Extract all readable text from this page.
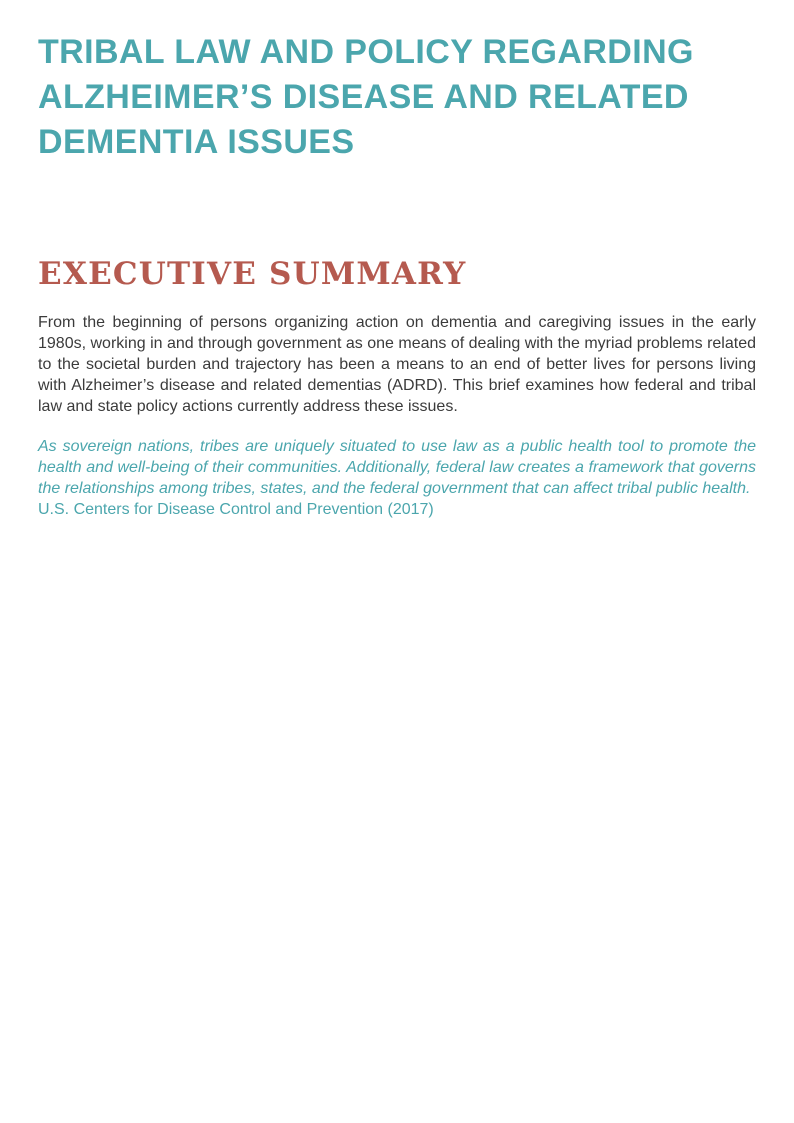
TRIBAL LAW AND POLICY REGARDING ALZHEIMER’S DISEASE AND RELATED DEMENTIA ISSUES
EXECUTIVE SUMMARY

From the beginning of persons organizing action on dementia and caregiving issues in the early 1980s, working in and through government as one means of dealing with the myriad problems related to the societal burden and trajectory has been a means to an end of better lives for persons living with Alzheimer’s disease and related dementias (ADRD). This brief examines how federal and tribal law and state policy actions currently address these issues.

As sovereign nations, tribes are uniquely situated to use law as a public health tool to promote the health and well-being of their communities. Additionally, federal law creates a framework that governs the relationships among tribes, states, and the federal government that can affect tribal public health.

U.S. Centers for Disease Control and Prevention (2017)
